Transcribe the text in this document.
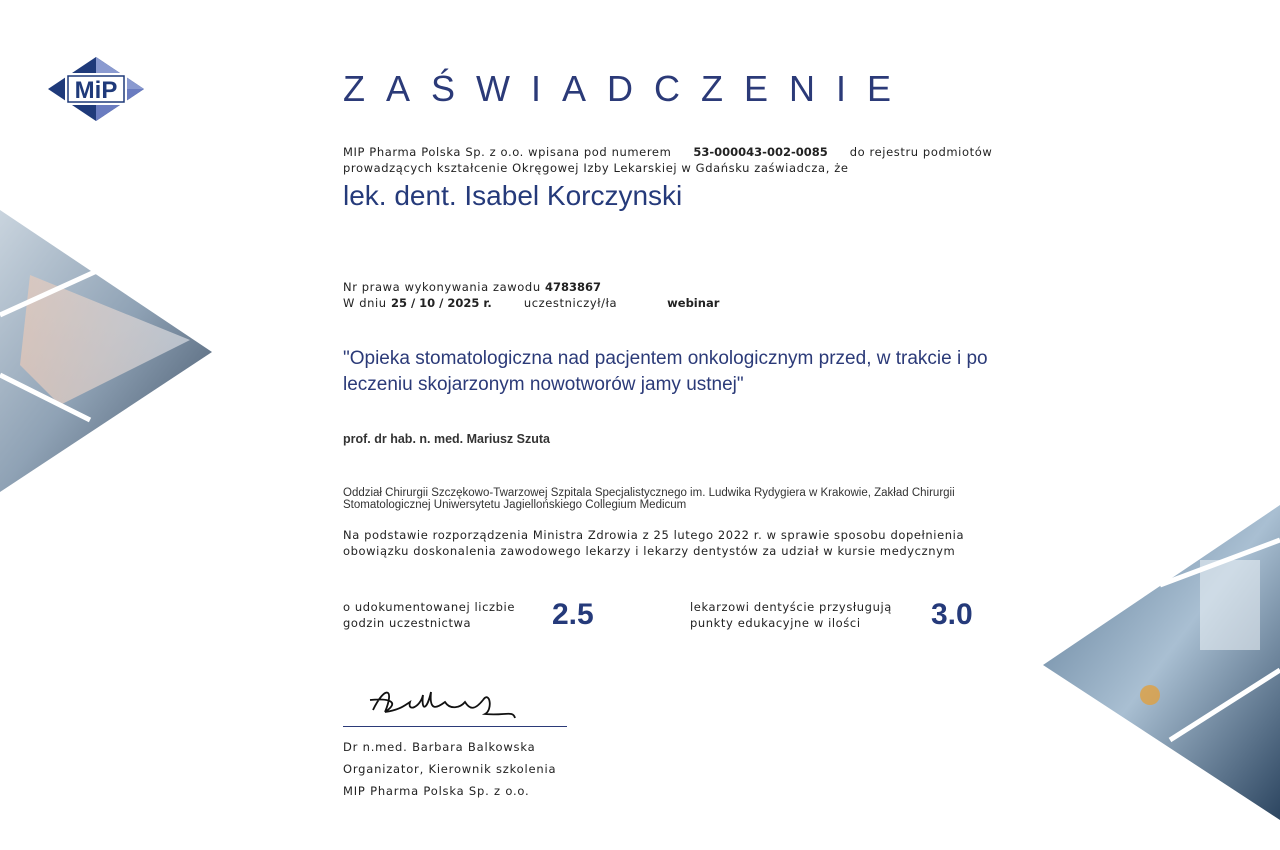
MiP	ZAŚWIADCZENIE
MIP Pharma Polska Sp. z o.o. wpisana pod numerem 53-000043-002-0085 do rejestru podmiotów
prowadzących kształcenie Okręgowej Izby Lekarskiej w Gdańsku zaświadcza, że
lek. dent. Isabel Korczynski
Nr prawa wykonywania zawodu 4783867
W dniu 25 / 10 / 2025 r.	uczestniczył/ła	webinar
"Opieka stomatologiczna nad pacjentem onkologicznym przed, w trakcie i po leczeniu skojarzonym nowotworów jamy ustnej"
prof. dr hab. n. med. Mariusz Szuta
Oddział Chirurgii Szczękowo-Twarzowej Szpitala Specjalistycznego im. Ludwika Rydygiera w Krakowie, Zakład Chirurgii Stomatologicznej Uniwersytetu Jagiellońskiego Collegium Medicum
Na podstawie rozporządzenia Ministra Zdrowia z 25 lutego 2022 r. w sprawie sposobu dopełnienia
obowiązku doskonalenia zawodowego lekarzy i lekarzy dentystów za udział w kursie medycznym
o udokumentowanej liczbie
godzin uczestnictwa	2.5	lekarzowi dentyście przysługują
punkty edukacyjne w ilości	3.0
Dr n.med. Barbara Balkowska
Organizator, Kierownik szkolenia
MIP Pharma Polska Sp. z o.o.
